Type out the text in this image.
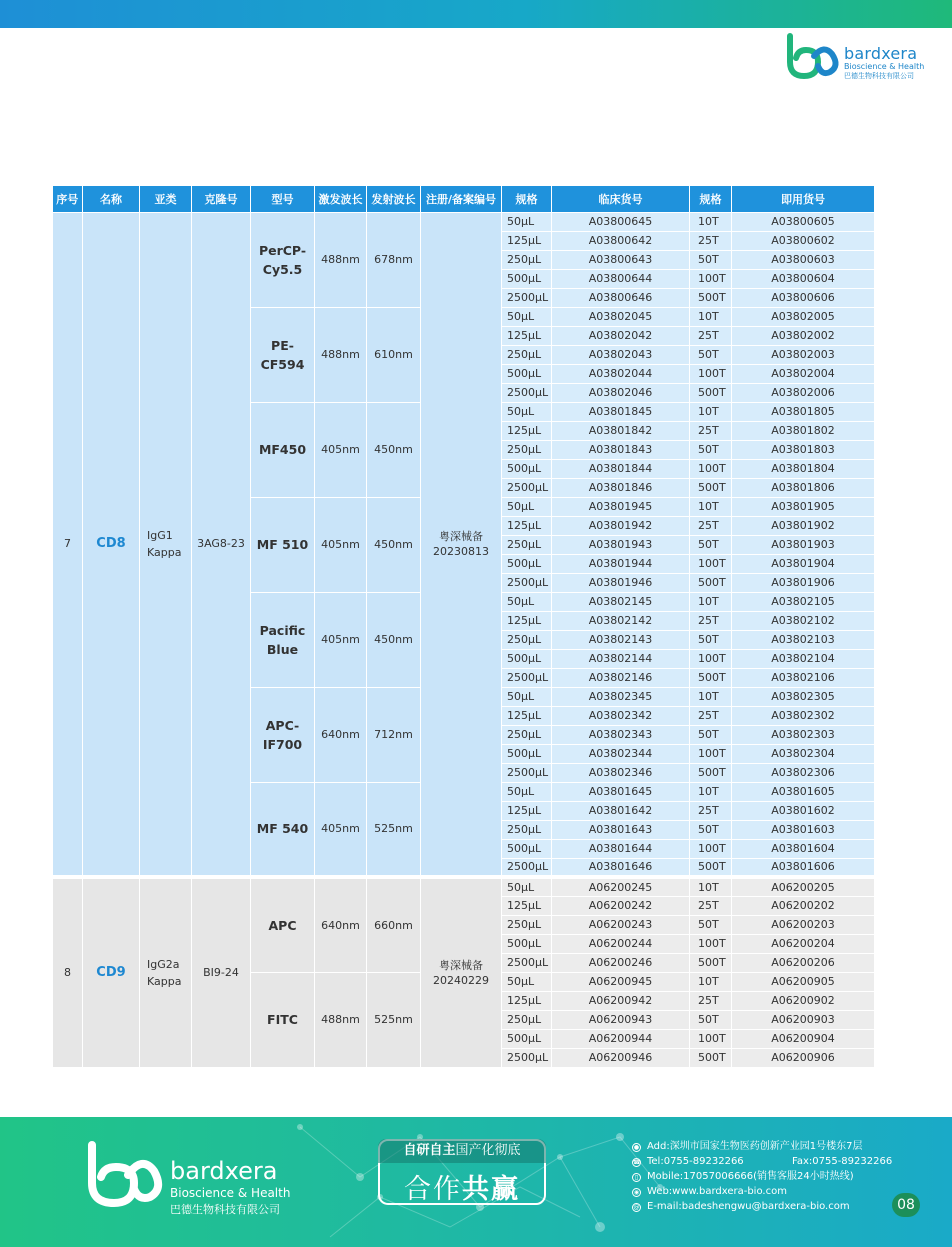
bardxera
Bioscience & Health
巴德生物科技有限公司
序号	名称	亚类	克隆号	型号	激发波长	发射波长	注册/备案编号	规格	临床货号	规格	即用货号
7	CD8	IgG1 Kappa	3AG8-23	PerCP-Cy5.5	488nm	678nm	粤深械备 20230813	50μL	A03800645	10T	A03800605
								125μL	A03800642	25T	A03800602
								250μL	A03800643	50T	A03800603
								500μL	A03800644	100T	A03800604
								2500μL	A03800646	500T	A03800606
				PE-CF594	488nm	610nm		50μL	A03802045	10T	A03802005
								125μL	A03802042	25T	A03802002
								250μL	A03802043	50T	A03802003
								500μL	A03802044	100T	A03802004
								2500μL	A03802046	500T	A03802006
				MF450	405nm	450nm		50μL	A03801845	10T	A03801805
								125μL	A03801842	25T	A03801802
								250μL	A03801843	50T	A03801803
								500μL	A03801844	100T	A03801804
								2500μL	A03801846	500T	A03801806
				MF 510	405nm	450nm		50μL	A03801945	10T	A03801905
								125μL	A03801942	25T	A03801902
								250μL	A03801943	50T	A03801903
								500μL	A03801944	100T	A03801904
								2500μL	A03801946	500T	A03801906
				Pacific Blue	405nm	450nm		50μL	A03802145	10T	A03802105
								125μL	A03802142	25T	A03802102
								250μL	A03802143	50T	A03802103
								500μL	A03802144	100T	A03802104
								2500μL	A03802146	500T	A03802106
				APC-IF700	640nm	712nm		50μL	A03802345	10T	A03802305
								125μL	A03802342	25T	A03802302
								250μL	A03802343	50T	A03802303
								500μL	A03802344	100T	A03802304
								2500μL	A03802346	500T	A03802306
				MF 540	405nm	525nm		50μL	A03801645	10T	A03801605
								125μL	A03801642	25T	A03801602
								250μL	A03801643	50T	A03801603
								500μL	A03801644	100T	A03801604
								2500μL	A03801646	500T	A03801606
8	CD9	IgG2a Kappa	BI9-24	APC	640nm	660nm	粤深械备 20240229	50μL	A06200245	10T	A06200205
								125μL	A06200242	25T	A06200202
								250μL	A06200243	50T	A06200203
								500μL	A06200244	100T	A06200204
								2500μL	A06200246	500T	A06200206
				FITC	488nm	525nm		50μL	A06200945	10T	A06200905
								125μL	A06200942	25T	A06200902
								250μL	A06200943	50T	A06200903
								500μL	A06200944	100T	A06200904
								2500μL	A06200946	500T	A06200906
bardxera
Bioscience & Health
巴德生物科技有限公司
自研自主国产化彻底
合作共赢
● Add:深圳市国家生物医药创新产业园1号楼东7层
☎ Tel:0755-89232266	Fax:0755-89232266
▯ Mobile:17057006666(销售客服24小时热线)
◉ Web:www.bardxera-bio.com
@ E-mail:badeshengwu@bardxera-bio.com	08
